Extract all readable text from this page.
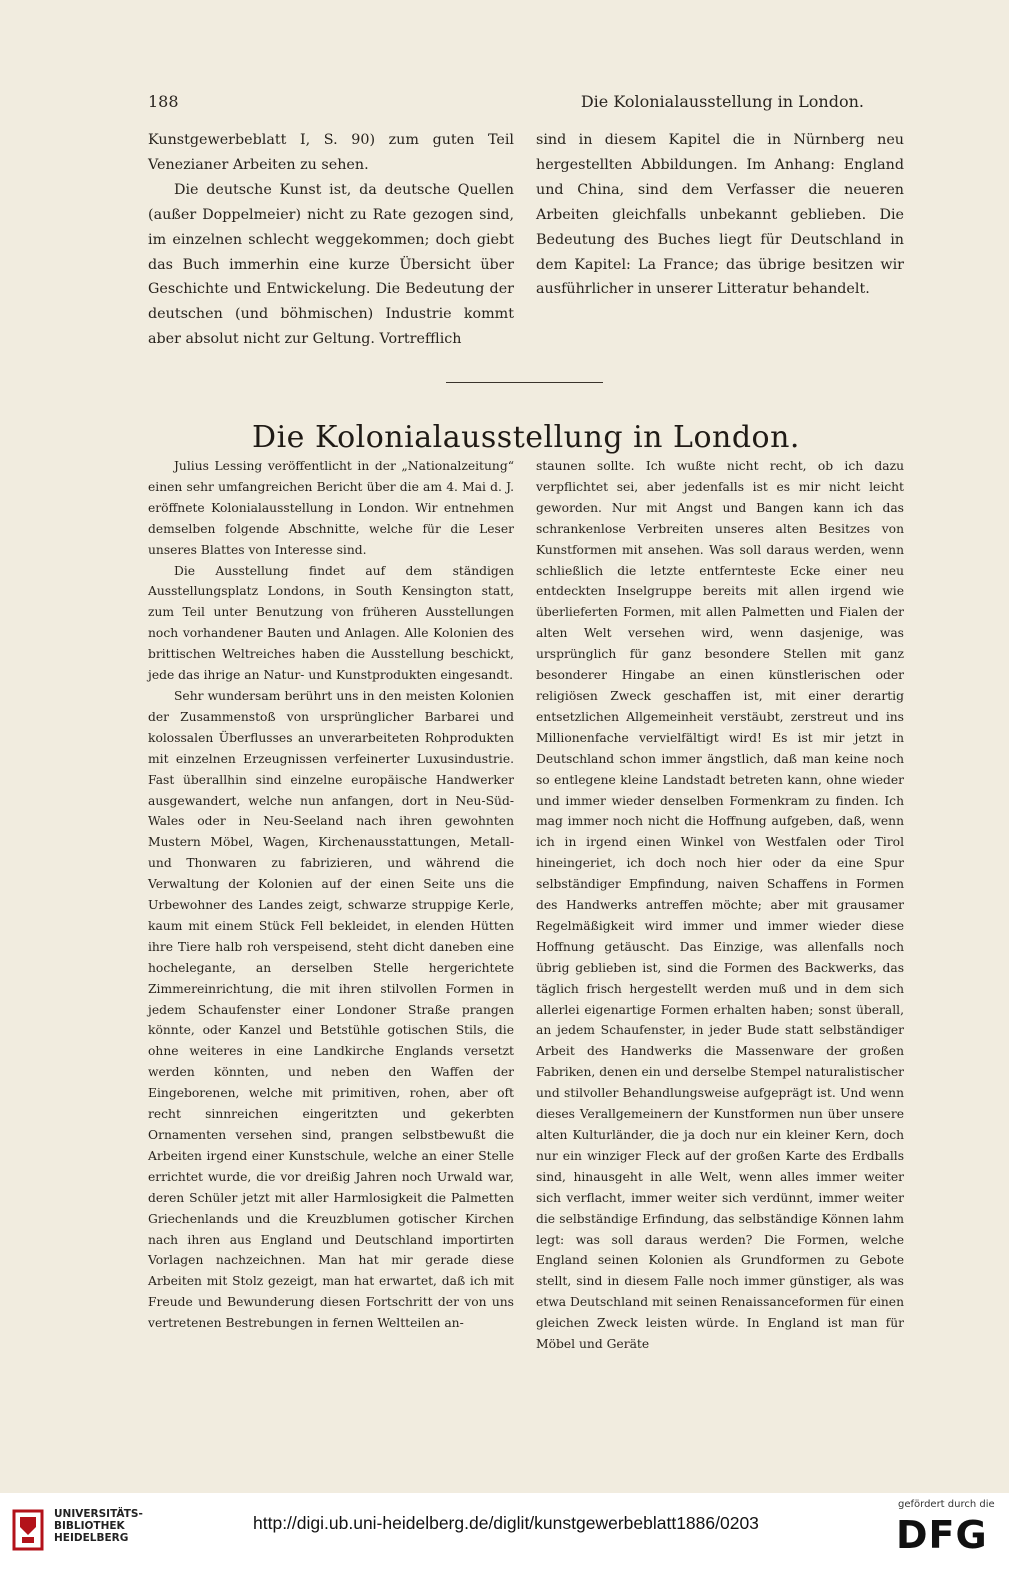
188	Die Kolonialausstellung in London.

Kunstgewerbeblatt I, S. 90) zum guten Teil Venezianer Arbeiten zu sehen.

Die deutsche Kunst ist, da deutsche Quellen (außer Doppelmeier) nicht zu Rate gezogen sind, im einzelnen schlecht weggekommen; doch giebt das Buch immerhin eine kurze Übersicht über Geschichte und Entwickelung. Die Bedeutung der deutschen (und böhmischen) Industrie kommt aber absolut nicht zur Geltung. Vortrefflich

sind in diesem Kapitel die in Nürnberg neu hergestellten Abbildungen. Im Anhang: England und China, sind dem Verfasser die neueren Arbeiten gleichfalls unbekannt geblieben. Die Bedeutung des Buches liegt für Deutschland in dem Kapitel: La France; das übrige besitzen wir ausführlicher in unserer Litteratur behandelt.

Die Kolonialausstellung in London.

Julius Lessing veröffentlicht in der „Nationalzeitung“ einen sehr umfangreichen Bericht über die am 4. Mai d. J. eröffnete Kolonialausstellung in London. Wir entnehmen demselben folgende Abschnitte, welche für die Leser unseres Blattes von Interesse sind.

Die Ausstellung findet auf dem ständigen Ausstellungsplatz Londons, in South Kensington statt, zum Teil unter Benutzung von früheren Ausstellungen noch vorhandener Bauten und Anlagen. Alle Kolonien des brittischen Weltreiches haben die Ausstellung beschickt, jede das ihrige an Natur- und Kunstprodukten eingesandt.

Sehr wundersam berührt uns in den meisten Kolonien der Zusammenstoß von ursprünglicher Barbarei und kolossalen Überflusses an unverarbeiteten Rohprodukten mit einzelnen Erzeugnissen verfeinerter Luxusindustrie. Fast überallhin sind einzelne europäische Handwerker ausgewandert, welche nun anfangen, dort in Neu-Süd-Wales oder in Neu-Seeland nach ihren gewohnten Mustern Möbel, Wagen, Kirchenausstattungen, Metall- und Thonwaren zu fabrizieren, und während die Verwaltung der Kolonien auf der einen Seite uns die Urbewohner des Landes zeigt, schwarze struppige Kerle, kaum mit einem Stück Fell bekleidet, in elenden Hütten ihre Tiere halb roh verspeisend, steht dicht daneben eine hochelegante, an derselben Stelle hergerichtete Zimmereinrichtung, die mit ihren stilvollen Formen in jedem Schaufenster einer Londoner Straße prangen könnte, oder Kanzel und Betstühle gotischen Stils, die ohne weiteres in eine Landkirche Englands versetzt werden könnten, und neben den Waffen der Eingeborenen, welche mit primitiven, rohen, aber oft recht sinnreichen eingeritzten und gekerbten Ornamenten versehen sind, prangen selbstbewußt die Arbeiten irgend einer Kunstschule, welche an einer Stelle errichtet wurde, die vor dreißig Jahren noch Urwald war, deren Schüler jetzt mit aller Harmlosigkeit die Palmetten Griechenlands und die Kreuzblumen gotischer Kirchen nach ihren aus England und Deutschland importirten Vorlagen nachzeichnen. Man hat mir gerade diese Arbeiten mit Stolz gezeigt, man hat erwartet, daß ich mit Freude und Bewunderung diesen Fortschritt der von uns vertretenen Bestrebungen in fernen Weltteilen an-

staunen sollte. Ich wußte nicht recht, ob ich dazu verpflichtet sei, aber jedenfalls ist es mir nicht leicht geworden. Nur mit Angst und Bangen kann ich das schrankenlose Verbreiten unseres alten Besitzes von Kunstformen mit ansehen. Was soll daraus werden, wenn schließlich die letzte entfernteste Ecke einer neu entdeckten Inselgruppe bereits mit allen irgend wie überlieferten Formen, mit allen Palmetten und Fialen der alten Welt versehen wird, wenn dasjenige, was ursprünglich für ganz besondere Stellen mit ganz besonderer Hingabe an einen künstlerischen oder religiösen Zweck geschaffen ist, mit einer derartig entsetzlichen Allgemeinheit verstäubt, zerstreut und ins Millionenfache vervielfältigt wird! Es ist mir jetzt in Deutschland schon immer ängstlich, daß man keine noch so entlegene kleine Landstadt betreten kann, ohne wieder und immer wieder denselben Formenkram zu finden. Ich mag immer noch nicht die Hoffnung aufgeben, daß, wenn ich in irgend einen Winkel von Westfalen oder Tirol hineingeriet, ich doch noch hier oder da eine Spur selbständiger Empfindung, naiven Schaffens in Formen des Handwerks antreffen möchte; aber mit grausamer Regelmäßigkeit wird immer und immer wieder diese Hoffnung getäuscht. Das Einzige, was allenfalls noch übrig geblieben ist, sind die Formen des Backwerks, das täglich frisch hergestellt werden muß und in dem sich allerlei eigenartige Formen erhalten haben; sonst überall, an jedem Schaufenster, in jeder Bude statt selbständiger Arbeit des Handwerks die Massenware der großen Fabriken, denen ein und derselbe Stempel naturalistischer und stilvoller Behandlungsweise aufgeprägt ist. Und wenn dieses Verallgemeinern der Kunstformen nun über unsere alten Kulturländer, die ja doch nur ein kleiner Kern, doch nur ein winziger Fleck auf der großen Karte des Erdballs sind, hinausgeht in alle Welt, wenn alles immer weiter sich verflacht, immer weiter sich verdünnt, immer weiter die selbständige Erfindung, das selbständige Können lahm legt: was soll daraus werden? Die Formen, welche England seinen Kolonien als Grundformen zu Gebote stellt, sind in diesem Falle noch immer günstiger, als was etwa Deutschland mit seinen Renaissanceformen für einen gleichen Zweck leisten würde. In England ist man für Möbel und Geräte

UNIVERSITÄTS-
BIBLIOTHEK
HEIDELBERG
http://digi.ub.uni-heidelberg.de/diglit/kunstgewerbeblatt1886/0203
gefördert durch die
DFG
